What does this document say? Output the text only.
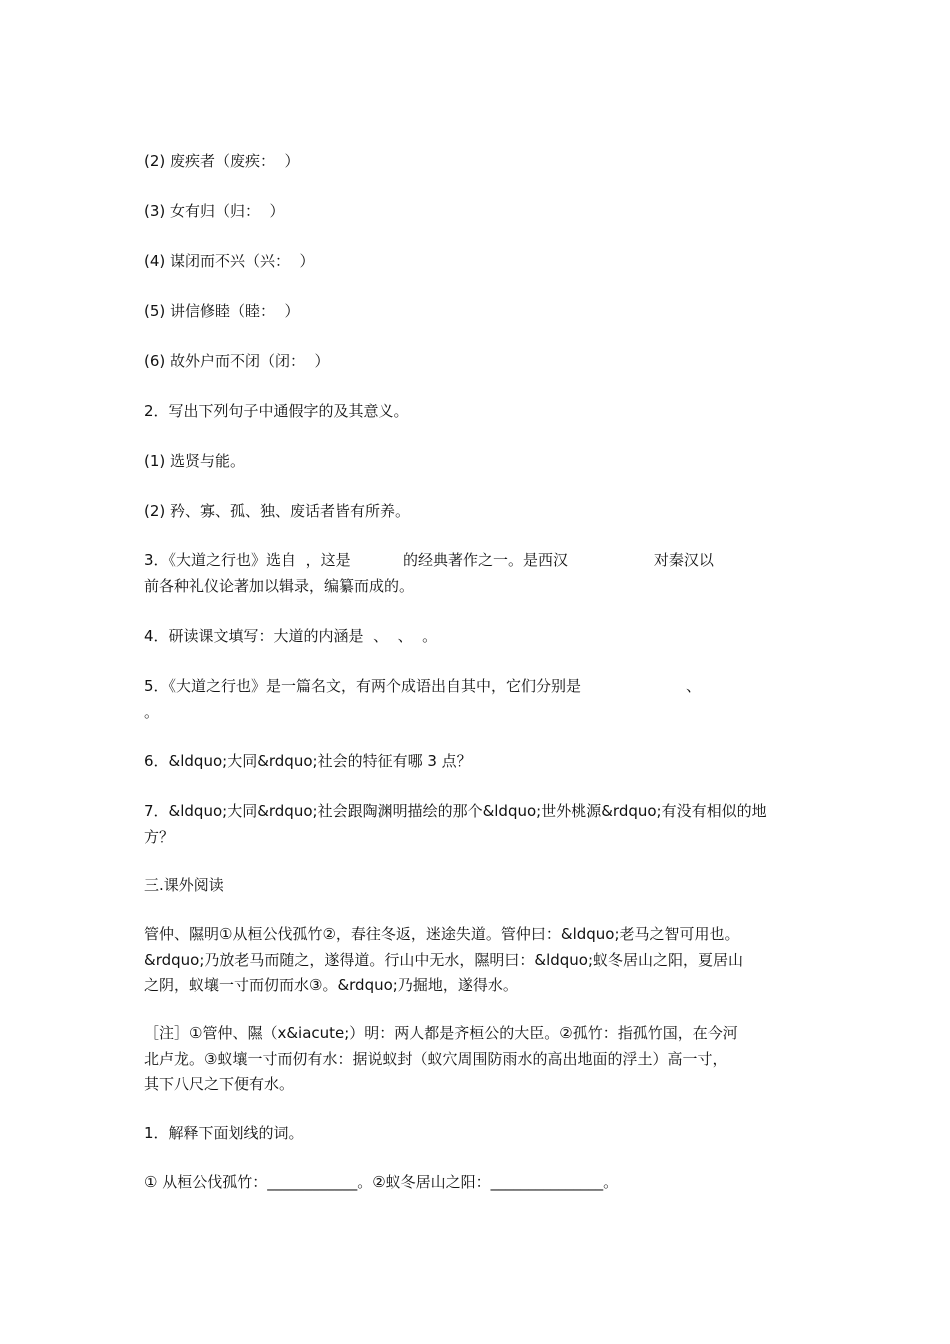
(2) 废疾者（废疾：  ）
(3) 女有归（归：  ）
(4) 谋闭而不兴（兴：  ）
(5) 讲信修睦（睦：  ）
(6) 故外户而不闭（闭：  ）
2．写出下列句子中通假字的及其意义。
(1) 选贤与能。
(2) 矜、寡、孤、独、废话者皆有所养。
3．《大道之行也》选自  ，这是           的经典著作之一。是西汉                  对秦汉以
前各种礼仪论著加以辑录，编纂而成的。
4．研读课文填写：大道的内涵是  、  、  。
5．《大道之行也》是一篇名文，有两个成语出自其中，它们分别是                      、
。
6．&ldquo;大同&rdquo;社会的特征有哪 3 点？
7．&ldquo;大同&rdquo;社会跟陶渊明描绘的那个&ldquo;世外桃源&rdquo;有没有相似的地
方？
三.课外阅读
管仲、隰明①从桓公伐孤竹②，春往冬返，迷途失道。管仲曰：&ldquo;老马之智可用也。
&rdquo;乃放老马而随之，遂得道。行山中无水，隰明曰：&ldquo;蚁冬居山之阳，夏居山
之阴，蚁壤一寸而仞而水③。&rdquo;乃掘地，遂得水。
［注］①管仲、隰（x&iacute;）明：两人都是齐桓公的大臣。②孤竹：指孤竹国，在今河
北卢龙。③蚁壤一寸而仞有水：据说蚁封（蚁穴周围防雨水的高出地面的浮土）高一寸，
其下八尺之下便有水。
1．解释下面划线的词。
① 从桓公伐孤竹：____________。②蚁冬居山之阳：_______________。
